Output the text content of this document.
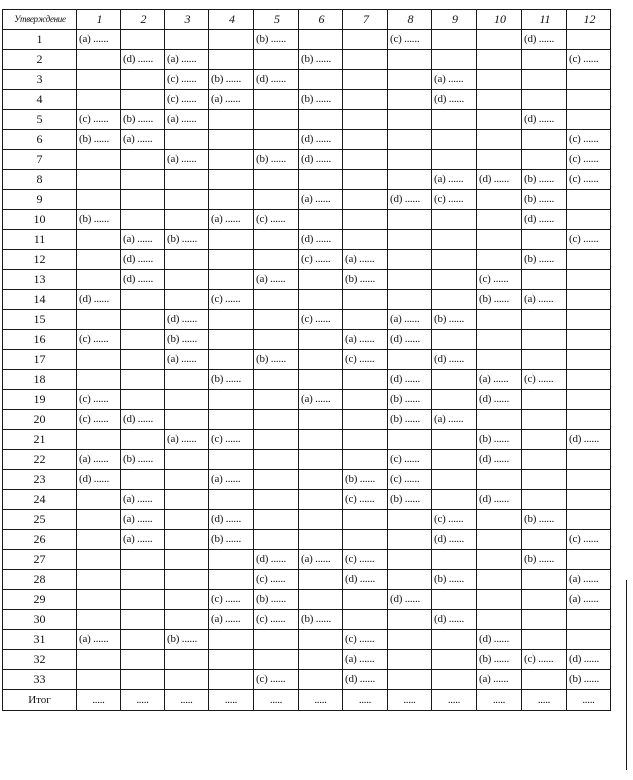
Утверждение	1	2	3	4	5	6	7	8	9	10	11	12
1	(a) ......				(b) ......			(c) ......			(d) ......	
2		(d) ......	(a) ......			(b) ......						(c) ......
3			(c) ......	(b) ......	(d) ......				(a) ......			
4			(c) ......	(a) ......		(b) ......			(d) ......			
5	(c) ......	(b) ......	(a) ......								(d) ......	
6	(b) ......	(a) ......				(d) ......						(c) ......
7			(a) ......		(b) ......	(d) ......						(c) ......
8									(a) ......	(d) ......	(b) ......	(c) ......
9						(a) ......		(d) ......	(c) ......		(b) ......	
10	(b) ......			(a) ......	(c) ......						(d) ......	
11		(a) ......	(b) ......			(d) ......						(c) ......
12		(d) ......				(c) ......	(a) ......				(b) ......	
13		(d) ......			(a) ......		(b) ......			(c) ......		
14	(d) ......			(c) ......						(b) ......	(a) ......	
15			(d) ......			(c) ......		(a) ......	(b) ......			
16	(c) ......		(b) ......				(a) ......	(d) ......				
17			(a) ......		(b) ......		(c) ......		(d) ......			
18				(b) ......				(d) ......		(a) ......	(c) ......	
19	(c) ......					(a) ......		(b) ......		(d) ......		
20	(c) ......	(d) ......						(b) ......	(a) ......			
21			(a) ......	(c) ......						(b) ......		(d) ......
22	(a) ......	(b) ......						(c) ......		(d) ......		
23	(d) ......			(a) ......			(b) ......	(c) ......				
24		(a) ......					(c) ......	(b) ......		(d) ......		
25		(a) ......		(d) ......					(c) ......		(b) ......	
26		(a) ......		(b) ......					(d) ......			(c) ......
27					(d) ......	(a) ......	(c) ......				(b) ......	
28					(c) ......		(d) ......		(b) ......			(a) ......
29				(c) ......	(b) ......			(d) ......				(a) ......
30				(a) ......	(c) ......	(b) ......			(d) ......			
31	(a) ......		(b) ......				(c) ......			(d) ......		
32							(a) ......			(b) ......	(c) ......	(d) ......
33					(c) ......		(d) ......			(a) ......		(b) ......
Итог	.....	.....	.....	.....	.....	.....	.....	.....	.....	.....	.....	.....
